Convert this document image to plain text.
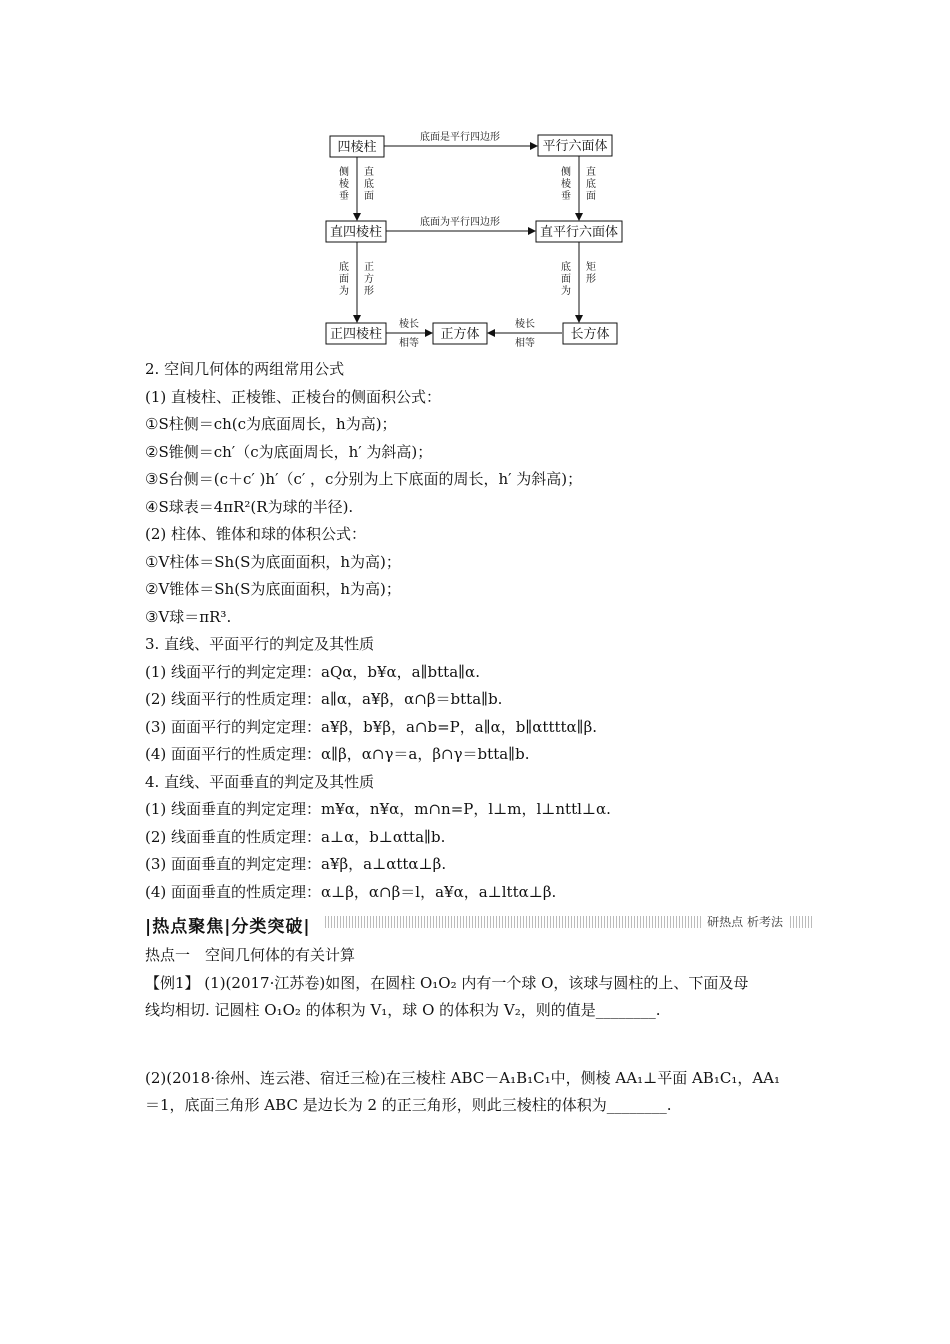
四棱柱	平行六面体
直四棱柱	直平行六面体
正四棱柱	正方体	长方体
底面是平行四边形
底面为平行四边形
侧
棱
垂
直
底
面
侧
棱
垂
直
底
面
底
面
为
正
方
形
底
面
为
矩
形
棱长
相等
棱长
相等
2. 空间几何体的两组常用公式
(1) 直棱柱、正棱锥、正棱台的侧面积公式：
①S柱侧＝ch(c为底面周长，h为高)；
②S锥侧＝ch′（c为底面周长，h′ 为斜高)；
③S台侧＝(c＋c′ )h′（c′ ，c分别为上下底面的周长，h′ 为斜高)；
④S球表＝4πR²(R为球的半径).
(2) 柱体、锥体和球的体积公式：
①V柱体＝Sh(S为底面面积，h为高)；
②V锥体＝Sh(S为底面面积，h为高)；
③V球＝πR³.
3. 直线、平面平行的判定及其性质
(1) 线面平行的判定定理：aQα，b¥α，a∥bttа∥α.
(2) 线面平行的性质定理：a∥α，a¥β，α∩β＝btta∥b.
(3) 面面平行的判定定理：a¥β，b¥β，a∩b=P，a∥α，b∥αttttα∥β.
(4) 面面平行的性质定理：α∥β，α∩γ＝a，β∩γ＝btta∥b.
4. 直线、平面垂直的判定及其性质
(1) 线面垂直的判定定理：m¥α，n¥α，m∩n=P，l⊥m，l⊥nttl⊥α.
(2) 线面垂直的性质定理：a⊥α，b⊥αtta∥b.
(3) 面面垂直的判定定理：a¥β，a⊥αttα⊥β.
(4) 面面垂直的性质定理：α⊥β，α∩β＝l，a¥α，a⊥lttα⊥β.
|热点聚焦|分类突破|	研热点 析考法
热点一　空间几何体的有关计算
【例1】 (1)(2017·江苏卷)如图，在圆柱 O₁O₂ 内有一个球 O，该球与圆柱的上、下面及母
线均相切. 记圆柱 O₁O₂ 的体积为 V₁，球 O 的体积为 V₂，则的值是________.
(2)(2018·徐州、连云港、宿迁三检)在三棱柱 ABC－A₁B₁C₁中，侧棱 AA₁⊥平面 AB₁C₁，AA₁
＝1，底面三角形 ABC 是边长为 2 的正三角形，则此三棱柱的体积为________.
